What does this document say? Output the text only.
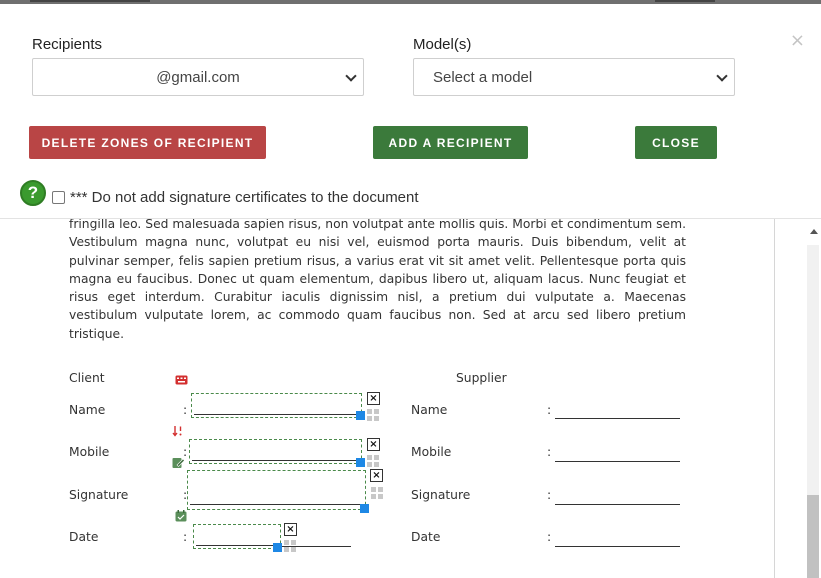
×
Recipients
@gmail.com
Model(s)
Select a model
DELETE ZONES OF RECIPIENT	ADD A RECIPIENT	CLOSE
?	*** Do not add signature certificates to the document
fringilla leo. Sed malesuada sapien risus, non volutpat ante mollis quis. Morbi et condimentum sem. Vestibulum magna nunc, volutpat eu nisi vel, euismod porta mauris. Duis bibendum, velit at pulvinar semper, felis sapien pretium risus, a varius erat vit sit amet velit. Pellentesque porta quis magna eu faucibus. Donec ut quam elementum, dapibus libero ut, aliquam lacus. Nunc feugiat et risus eget interdum. Curabitur iaculis dignissim nisl, a pretium dui vulputate a. Maecenas vestibulum vulputate lorem, ac commodo quam faucibus non. Sed at arcu sed libero pretium tristique.
Client	Supplier
Name	:
×
Mobile	:
×
Signature	:
×
Date	:
×
Name	:
Mobile	:
Signature	:
Date	:
